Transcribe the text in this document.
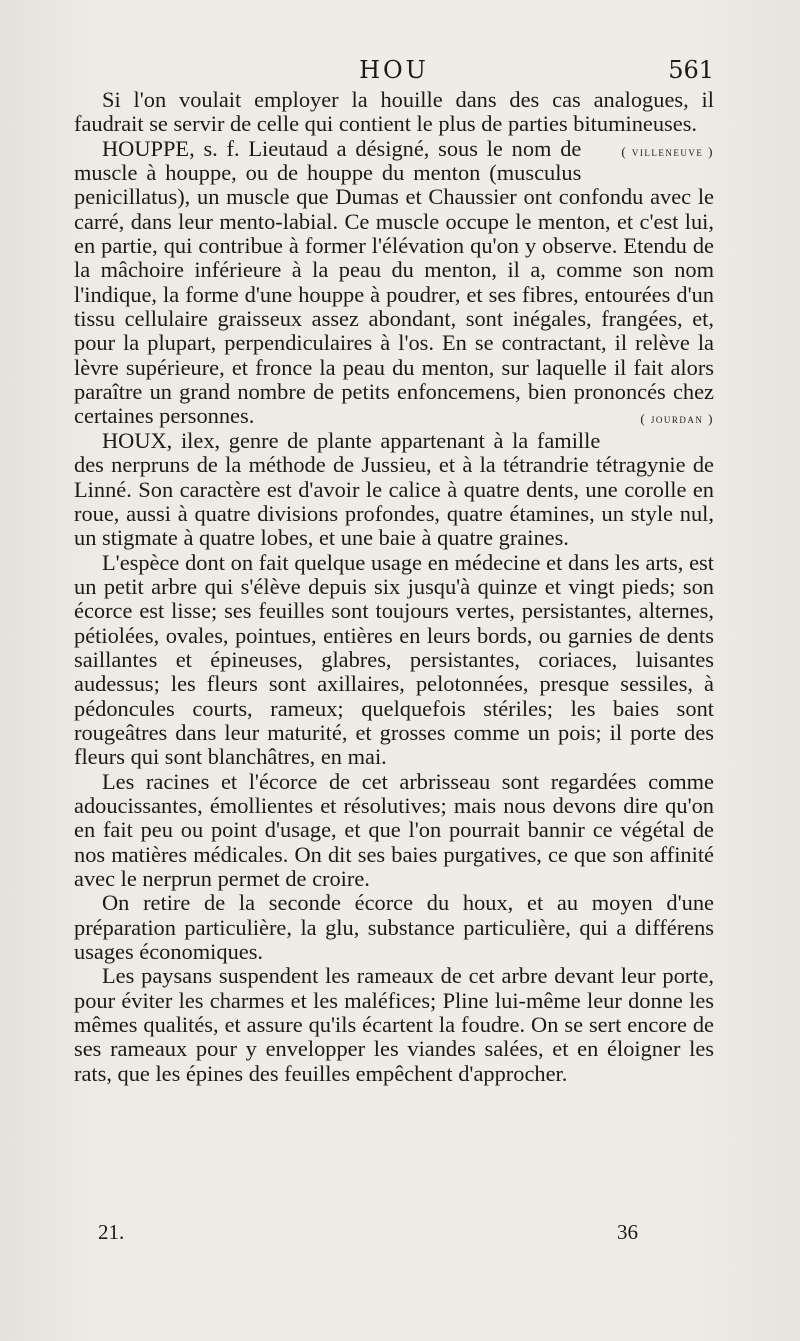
HOU	561

Si l'on voulait employer la houille dans des cas analogues, il faudrait se servir de celle qui contient le plus de parties bitumineuses.
( villeneuve )

HOUPPE, s. f. Lieutaud a désigné, sous le nom de muscle à houppe, ou de houppe du menton (musculus penicillatus), un muscle que Dumas et Chaussier ont confondu avec le carré, dans leur mento-labial. Ce muscle occupe le menton, et c'est lui, en partie, qui contribue à former l'élévation qu'on y observe. Etendu de la mâchoire inférieure à la peau du menton, il a, comme son nom l'indique, la forme d'une houppe à poudrer, et ses fibres, entourées d'un tissu cellulaire graisseux assez abondant, sont inégales, frangées, et, pour la plupart, perpendiculaires à l'os. En se contractant, il relève la lèvre supérieure, et fronce la peau du menton, sur laquelle il fait alors paraître un grand nombre de petits enfoncemens, bien prononcés chez certaines personnes.	( jourdan )

HOUX, ilex, genre de plante appartenant à la famille des nerpruns de la méthode de Jussieu, et à la tétrandrie tétragynie de Linné. Son caractère est d'avoir le calice à quatre dents, une corolle en roue, aussi à quatre divisions profondes, quatre étamines, un style nul, un stigmate à quatre lobes, et une baie à quatre graines.

L'espèce dont on fait quelque usage en médecine et dans les arts, est un petit arbre qui s'élève depuis six jusqu'à quinze et vingt pieds; son écorce est lisse; ses feuilles sont toujours vertes, persistantes, alternes, pétiolées, ovales, pointues, entières en leurs bords, ou garnies de dents saillantes et épineuses, glabres, persistantes, coriaces, luisantes audessus; les fleurs sont axillaires, pelotonnées, presque sessiles, à pédoncules courts, rameux; quelquefois stériles; les baies sont rougeâtres dans leur maturité, et grosses comme un pois; il porte des fleurs qui sont blanchâtres, en mai.

Les racines et l'écorce de cet arbrisseau sont regardées comme adoucissantes, émollientes et résolutives; mais nous devons dire qu'on en fait peu ou point d'usage, et que l'on pourrait bannir ce végétal de nos matières médicales. On dit ses baies purgatives, ce que son affinité avec le nerprun permet de croire.

On retire de la seconde écorce du houx, et au moyen d'une préparation particulière, la glu, substance particulière, qui a différens usages économiques.

Les paysans suspendent les rameaux de cet arbre devant leur porte, pour éviter les charmes et les maléfices; Pline lui-même leur donne les mêmes qualités, et assure qu'ils écartent la foudre. On se sert encore de ses rameaux pour y envelopper les viandes salées, et en éloigner les rats, que les épines des feuilles empêchent d'approcher.

21.	36
